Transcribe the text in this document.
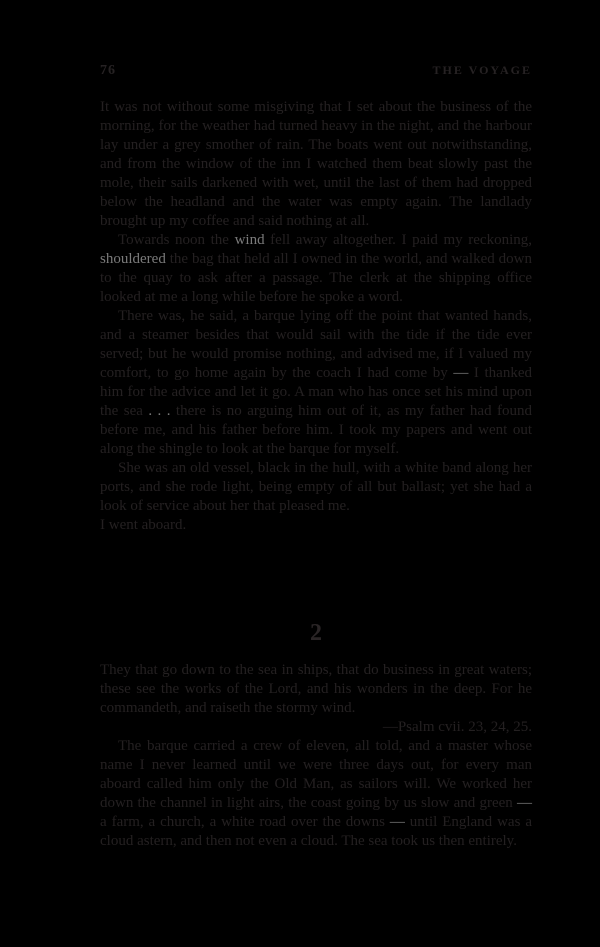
76	THE VOYAGE

It was not without some misgiving that I set about the business of the morning, for the weather had turned heavy in the night, and the harbour lay under a grey smother of rain. The boats went out notwithstanding, and from the window of the inn I watched them beat slowly past the mole, their sails darkened with wet, until the last of them had dropped below the headland and the water was empty again. The landlady brought up my coffee and said nothing at all.

Towards noon the wind fell away altogether. I paid my reckoning, shouldered the bag that held all I owned in the world, and walked down to the quay to ask after a passage. The clerk at the shipping office looked at me a long while before he spoke a word.

There was, he said, a barque lying off the point that wanted hands, and a steamer besides that would sail with the tide if the tide ever served; but he would promise nothing, and advised me, if I valued my comfort, to go home again by the coach I had come by — I thanked him for the advice and let it go. A man who has once set his mind upon the sea . . . there is no arguing him out of it, as my father had found before me, and his father before him. I took my papers and went out along the shingle to look at the barque for myself.

She was an old vessel, black in the hull, with a white band along her ports, and she rode light, being empty of all but ballast; yet she had a look of service about her that pleased me.
I went aboard.

2

They that go down to the sea in ships, that do business in great waters; these see the works of the Lord, and his wonders in the deep. For he commandeth, and raiseth the stormy wind.

—Psalm cvii. 23, 24, 25.

The barque carried a crew of eleven, all told, and a master whose name I never learned until we were three days out, for every man aboard called him only the Old Man, as sailors will. We worked her down the channel in light airs, the coast going by us slow and green — a farm, a church, a white road over the downs — until England was a cloud astern, and then not even a cloud. The sea took us then entirely.
